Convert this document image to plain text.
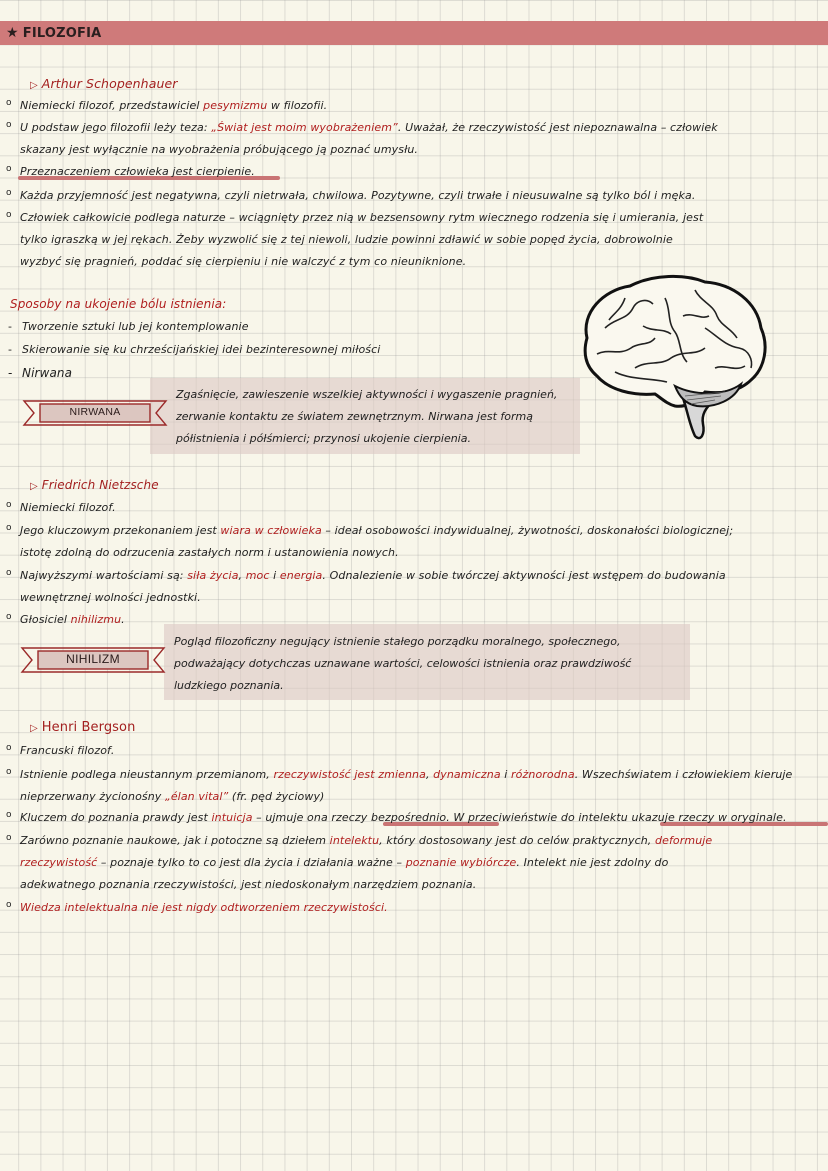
★ FILOZOFIA
▷ Arthur Schopenhauer
o Niemiecki filozof, przedstawiciel pesymizmu w filozofii.
o U podstaw jego filozofii leży teza: „Świat jest moim wyobrażeniem”. Uważał, że rzeczywistość jest niepoznawalna – człowiek
skazany jest wyłącznie na wyobrażenia próbującego ją poznać umysłu.
o Przeznaczeniem człowieka jest cierpienie.
o Każda przyjemność jest negatywna, czyli nietrwała, chwilowa. Pozytywne, czyli trwałe i nieusuwalne są tylko ból i męka.
o Człowiek całkowicie podlega naturze – wciągnięty przez nią w bezsensowny rytm wiecznego rodzenia się i umierania, jest
tylko igraszką w jej rękach. Żeby wyzwolić się z tej niewoli, ludzie powinni zdławić w sobie popęd życia, dobrowolnie
wyzbyć się pragnień, poddać się cierpieniu i nie walczyć z tym co nieuniknione.
Sposoby na ukojenie bólu istnienia:
- Tworzenie sztuki lub jej kontemplowanie
- Skierowanie się ku chrześcijańskiej idei bezinteresownej miłości
- Nirwana
NIRWANA
Zgaśnięcie, zawieszenie wszelkiej aktywności i wygaszenie pragnień,
zerwanie kontaktu ze światem zewnętrznym. Nirwana jest formą
półistnienia i półśmierci; przynosi ukojenie cierpienia.
▷ Friedrich Nietzsche
o Niemiecki filozof.
o Jego kluczowym przekonaniem jest wiara w człowieka – ideał osobowości indywidualnej, żywotności, doskonałości biologicznej;
istotę zdolną do odrzucenia zastałych norm i ustanowienia nowych.
o Najwyższymi wartościami są: siła życia, moc i energia. Odnalezienie w sobie twórczej aktywności jest wstępem do budowania
wewnętrznej wolności jednostki.
o Głosiciel nihilizmu.
NIHILIZM
Pogląd filozoficzny negujący istnienie stałego porządku moralnego, społecznego,
podważający dotychczas uznawane wartości, celowości istnienia oraz prawdziwość
ludzkiego poznania.
▷ Henri Bergson
o Francuski filozof.
o Istnienie podlega nieustannym przemianom, rzeczywistość jest zmienna, dynamiczna i różnorodna. Wszechświatem i człowiekiem kieruje
nieprzerwany życionośny „élan vital” (fr. pęd życiowy)
o Kluczem do poznania prawdy jest intuicja – ujmuje ona rzeczy bezpośrednio. W przeciwieństwie do intelektu ukazuje rzeczy w oryginale.
o Zarówno poznanie naukowe, jak i potoczne są dziełem intelektu, który dostosowany jest do celów praktycznych, deformuje
rzeczywistość – poznaje tylko to co jest dla życia i działania ważne – poznanie wybiórcze. Intelekt nie jest zdolny do
adekwatnego poznania rzeczywistości, jest niedoskonałym narzędziem poznania.
o Wiedza intelektualna nie jest nigdy odtworzeniem rzeczywistości.
